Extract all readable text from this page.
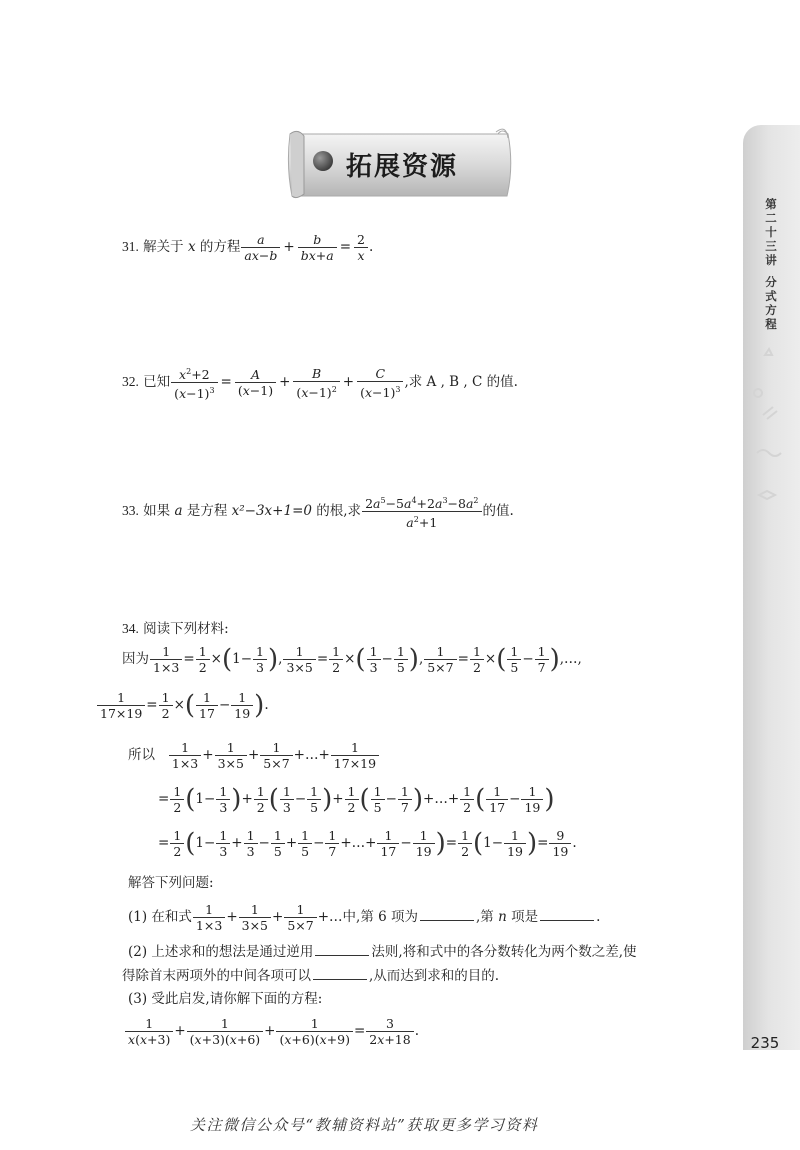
第二十三讲
分式方程
235
拓展资源
31. 解关于 x 的方程 $\frac{a}{ax-b} + \frac{b}{bx+a} = \frac{2}{x}$ .
32. 已知 $\frac{x^2+2}{(x-1)^3} = \frac{A}{(x-1)} + \frac{B}{(x-1)^2} + \frac{C}{(x-1)^3}$ ,求 A , B , C 的值.
33. 如果 a 是方程 x²−3x+1=0 的根,求 $\frac{2a^5-5a^4+2a^3-8a^2}{a^2+1}$ 的值.
34. 阅读下列材料:
因为 $\frac{1}{1\times 3} = \frac{1}{2} \times(1- \frac{1}{3}$ ), $\frac{1}{3\times 5} = \frac{1}{2}$ ×( $\frac{1}{3} - \frac{1}{5}$ ), $\frac{1}{5\times 7} = \frac{1}{2}$ ×( $\frac{1}{5} - \frac{1}{7}$ ),…,
$\frac{1}{17\times 19} = \frac{1}{2}$ ×( $\frac{1}{17} - \frac{1}{19}$ ).
所以 $\frac{1}{1\times 3} + \frac{1}{3\times 5} + \frac{1}{5\times 7}$ +…+ $\frac{1}{17\times 19}$
= $\frac{1}{2} (1- \frac{1}{3}$ )+ $\frac{1}{2}$ ( $\frac{1}{3} - \frac{1}{5}$ )+ $\frac{1}{2}$ ( $\frac{1}{5} - \frac{1}{7}$ )+…+ $\frac{1}{2}$ ( $\frac{1}{17} - \frac{1}{19}$ )
= $\frac{1}{2} (1- \frac{1}{3} + \frac{1}{3} - \frac{1}{5} + \frac{1}{5} - \frac{1}{7}$ +…+ $\frac{1}{17} - \frac{1}{19}$ )= $\frac{1}{2} (1- \frac{1}{19}$ )= $\frac{9}{19}$ .
解答下列问题:
(1) 在和式 $\frac{1}{1\times 3} + \frac{1}{3\times 5} + \frac{1}{5\times 7}$ +…中,第 6 项为	,第 n 项是	.
(2) 上述求和的想法是通过逆用	法则,将和式中的各分数转化为两个数之差,使
得除首末两项外的中间各项可以	,从而达到求和的目的.
(3) 受此启发,请你解下面的方程:
$\frac{1}{x(x+3)} + \frac{1}{(x+3)(x+6)} + \frac{1}{(x+6)(x+9)} = \frac{3}{2x+18}$ .
关注微信公众号“教辅资料站”获取更多学习资料
